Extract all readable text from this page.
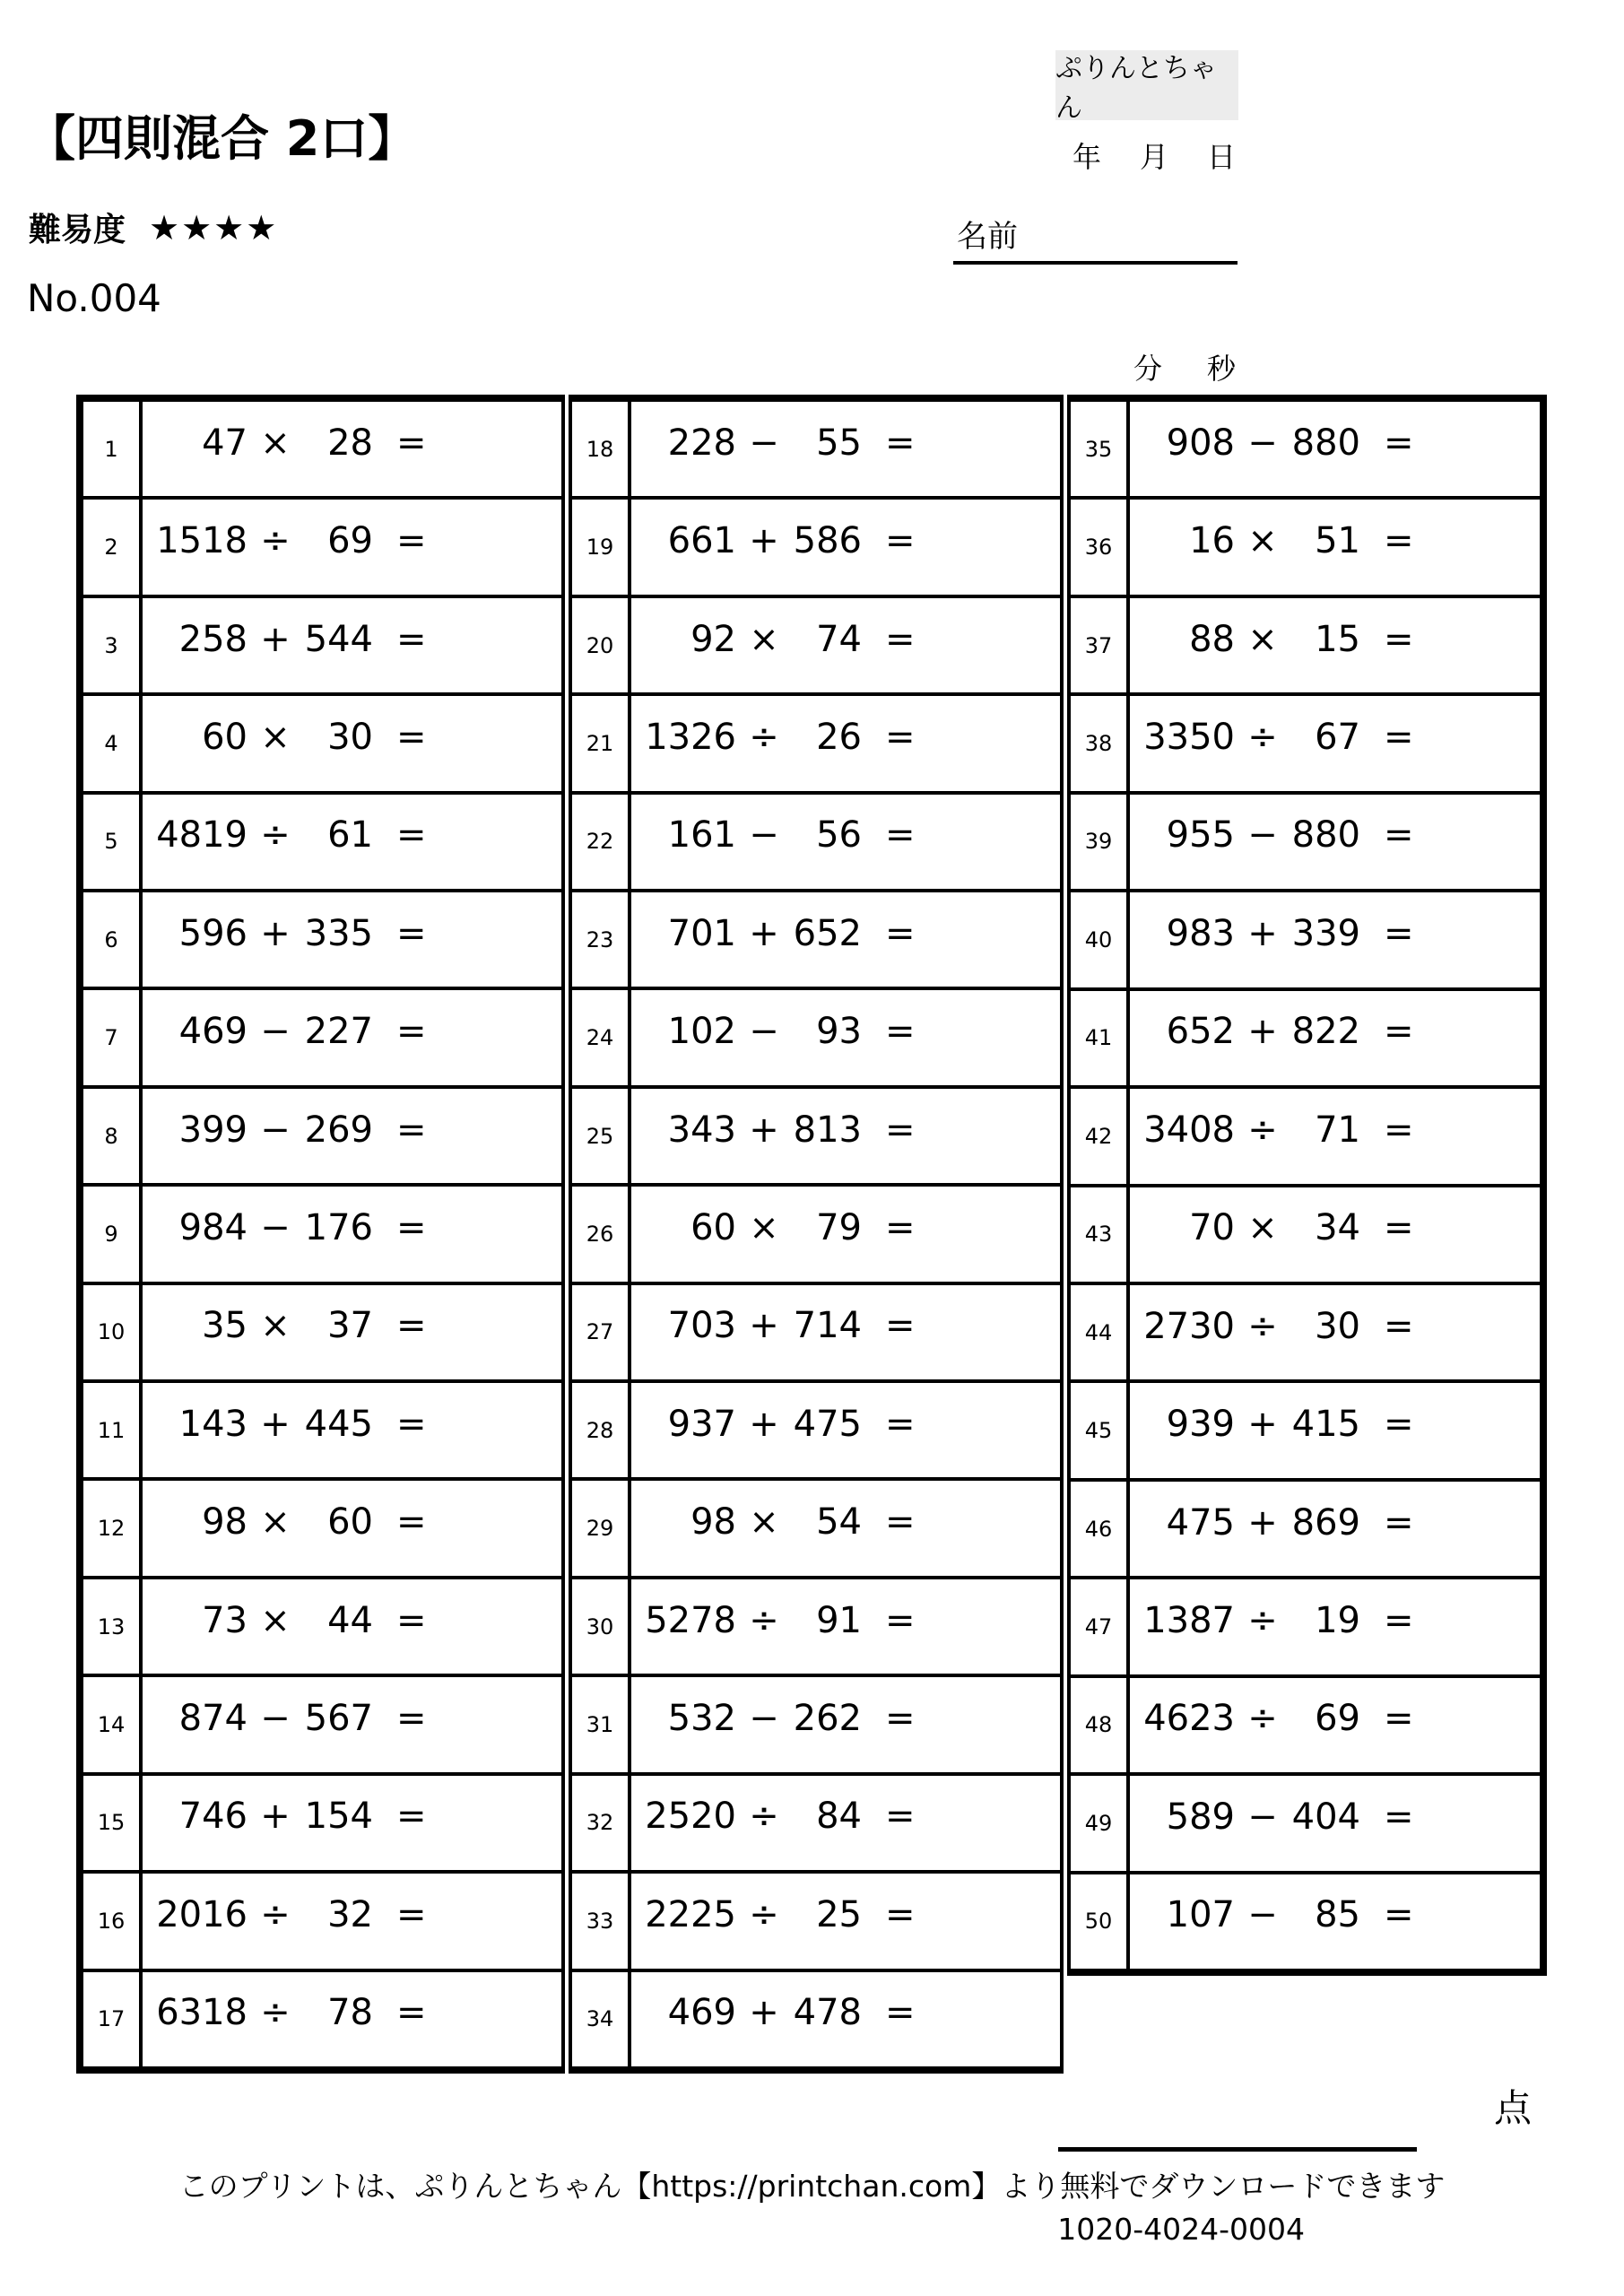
【四則混合 2口】
難易度 ★★★★
No.004
ぷりんとちゃん
年 月 日
名前
分 秒
1	47 ×	28 =
2	1518 ÷	69 =
3	258 + 544 =
4	60 ×	30 =
5	4819 ÷	61 =
6	596 + 335 =
7	469 − 227 =
8	399 − 269 =
9	984 − 176 =
10	35 ×	37 =
11	143 + 445 =
12	98 ×	60 =
13	73 ×	44 =
14	874 − 567 =
15	746 + 154 =
16 2016 ÷	32 =
17 6318 ÷	78 =
18	228 −	55 =
19	661 + 586 =
20	92 ×	74 =
21 1326 ÷	26 =
22	161 −	56 =
23	701 + 652 =
24	102 −	93 =
25	343 + 813 =
26	60 ×	79 =
27	703 + 714 =
28	937 + 475 =
29	98 ×	54 =
30 5278 ÷	91 =
31	532 − 262 =
32 2520 ÷	84 =
33 2225 ÷	25 =
34	469 + 478 =
35	908 − 880 =
36	16 ×	51 =
37	88 ×	15 =
38 3350 ÷	67 =
39	955 − 880 =
40	983 + 339 =
41	652 + 822 =
42 3408 ÷	71 =
43	70 ×	34 =
44 2730 ÷	30 =
45	939 + 415 =
46	475 + 869 =
47 1387 ÷	19 =
48 4623 ÷	69 =
49	589 − 404 =
50	107 −	85 =
点
このプリントは、ぷりんとちゃん【https://printchan.com】より無料でダウンロードできます
1020-4024-0004
